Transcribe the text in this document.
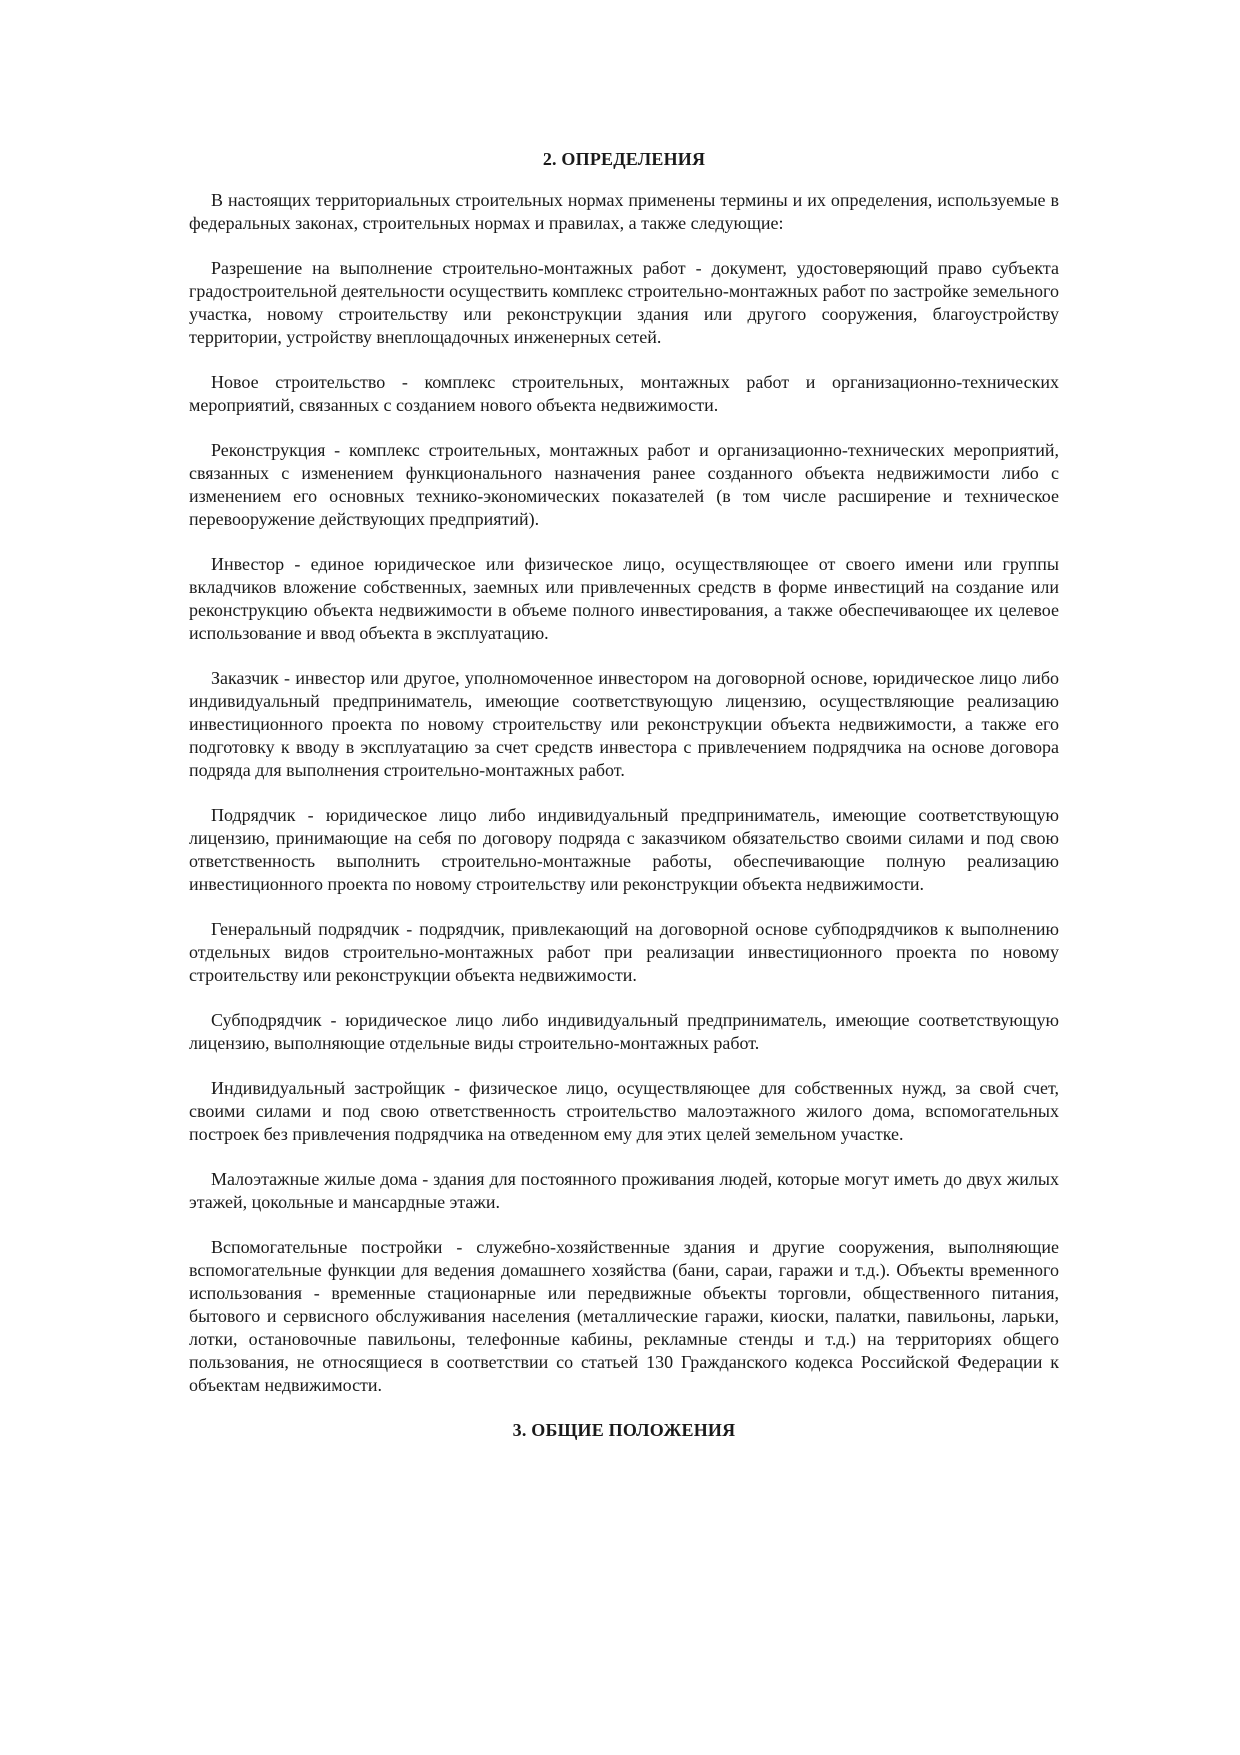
2. ОПРЕДЕЛЕНИЯ

В настоящих территориальных строительных нормах применены термины и их определения, используемые в федеральных законах, строительных нормах и правилах, а также следующие:

Разрешение на выполнение строительно-монтажных работ - документ, удостоверяющий право субъекта градостроительной деятельности осуществить комплекс строительно-монтажных работ по застройке земельного участка, новому строительству или реконструкции здания или другого сооружения, благоустройству территории, устройству внеплощадочных инженерных сетей.

Новое строительство - комплекс строительных, монтажных работ и организационно-технических мероприятий, связанных с созданием нового объекта недвижимости.

Реконструкция - комплекс строительных, монтажных работ и организационно-технических мероприятий, связанных с изменением функционального назначения ранее созданного объекта недвижимости либо с изменением его основных технико-экономических показателей (в том числе расширение и техническое перевооружение действующих предприятий).

Инвестор - единое юридическое или физическое лицо, осуществляющее от своего имени или группы вкладчиков вложение собственных, заемных или привлеченных средств в форме инвестиций на создание или реконструкцию объекта недвижимости в объеме полного инвестирования, а также обеспечивающее их целевое использование и ввод объекта в эксплуатацию.

Заказчик - инвестор или другое, уполномоченное инвестором на договорной основе, юридическое лицо либо индивидуальный предприниматель, имеющие соответствующую лицензию, осуществляющие реализацию инвестиционного проекта по новому строительству или реконструкции объекта недвижимости, а также его подготовку к вводу в эксплуатацию за счет средств инвестора с привлечением подрядчика на основе договора подряда для выполнения строительно-монтажных работ.

Подрядчик - юридическое лицо либо индивидуальный предприниматель, имеющие соответствующую лицензию, принимающие на себя по договору подряда с заказчиком обязательство своими силами и под свою ответственность выполнить строительно-монтажные работы, обеспечивающие полную реализацию инвестиционного проекта по новому строительству или реконструкции объекта недвижимости.

Генеральный подрядчик - подрядчик, привлекающий на договорной основе субподрядчиков к выполнению отдельных видов строительно-монтажных работ при реализации инвестиционного проекта по новому строительству или реконструкции объекта недвижимости.

Субподрядчик - юридическое лицо либо индивидуальный предприниматель, имеющие соответствующую лицензию, выполняющие отдельные виды строительно-монтажных работ.

Индивидуальный застройщик - физическое лицо, осуществляющее для собственных нужд, за свой счет, своими силами и под свою ответственность строительство малоэтажного жилого дома, вспомогательных построек без привлечения подрядчика на отведенном ему для этих целей земельном участке.

Малоэтажные жилые дома - здания для постоянного проживания людей, которые могут иметь до двух жилых этажей, цокольные и мансардные этажи.

Вспомогательные постройки - служебно-хозяйственные здания и другие сооружения, выполняющие вспомогательные функции для ведения домашнего хозяйства (бани, сараи, гаражи и т.д.). Объекты временного использования - временные стационарные или передвижные объекты торговли, общественного питания, бытового и сервисного обслуживания населения (металлические гаражи, киоски, палатки, павильоны, ларьки, лотки, остановочные павильоны, телефонные кабины, рекламные стенды и т.д.) на территориях общего пользования, не относящиеся в соответствии со статьей 130 Гражданского кодекса Российской Федерации к объектам недвижимости.

3. ОБЩИЕ ПОЛОЖЕНИЯ
